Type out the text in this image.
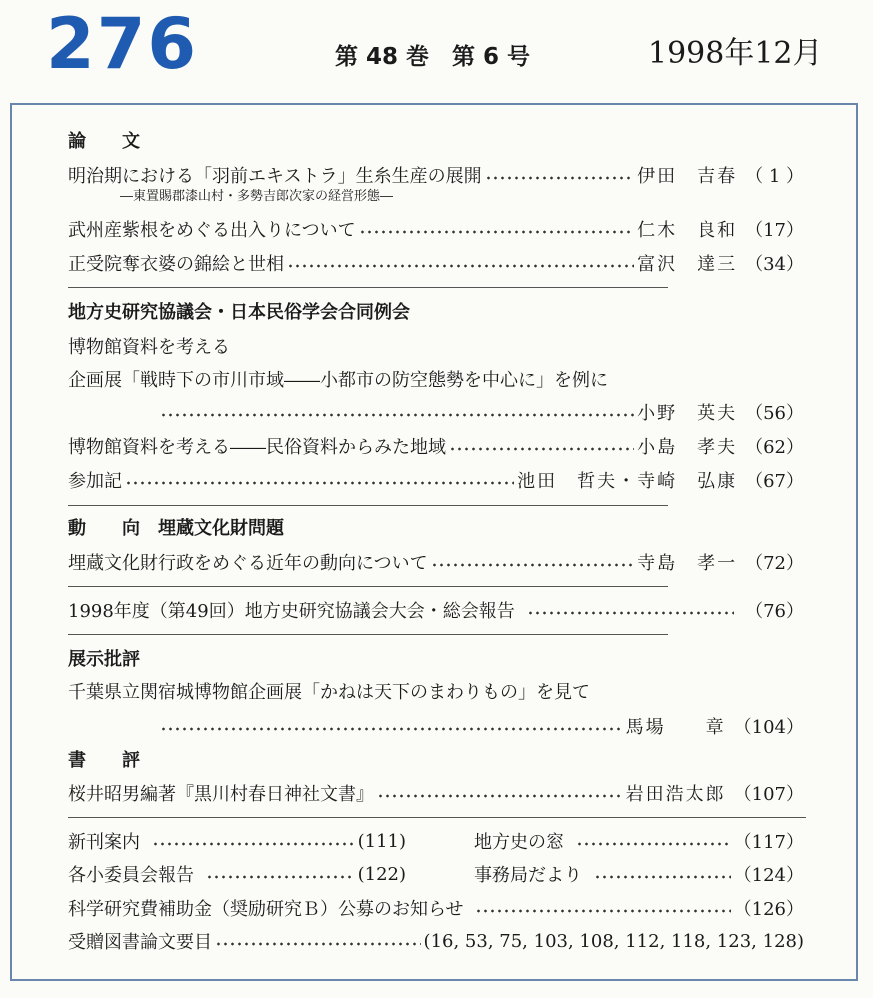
276	第 48 巻　第 6 号	1998年12月
論　　文
明治期における「羽前エキストラ」生糸生産の展開	伊田　吉春 （ 1 ）
―東置賜郡漆山村・多勢吉郎次家の経営形態―
武州産紫根をめぐる出入りについて	仁木　良和 （17）
正受院奪衣婆の錦絵と世相	富沢　達三 （34）
地方史研究協議会・日本民俗学会合同例会
博物館資料を考える
企画展「戦時下の市川市域――小都市の防空態勢を中心に」を例に
小野　英夫 （56）
博物館資料を考える――民俗資料からみた地域	小島　孝夫 （62）
参加記	池田　哲夫・寺崎　弘康 （67）
動　　向　埋蔵文化財問題
埋蔵文化財行政をめぐる近年の動向について	寺島　孝一 （72）
1998年度（第49回）地方史研究協議会大会・総会報告	（76）
展示批評
千葉県立関宿城博物館企画展「かねは天下のまわりもの」を見て
馬場　　章 （104）
書　　評
桜井昭男編著『黒川村春日神社文書』	岩田浩太郎 （107）
新刊案内	(111)	地方史の窓	（117）
各小委員会報告	(122)	事務局だより	（124）
科学研究費補助金（奨励研究Ｂ）公募のお知らせ	（126）
受贈図書論文要目	(16, 53, 75, 103, 108, 112, 118, 123, 128)
